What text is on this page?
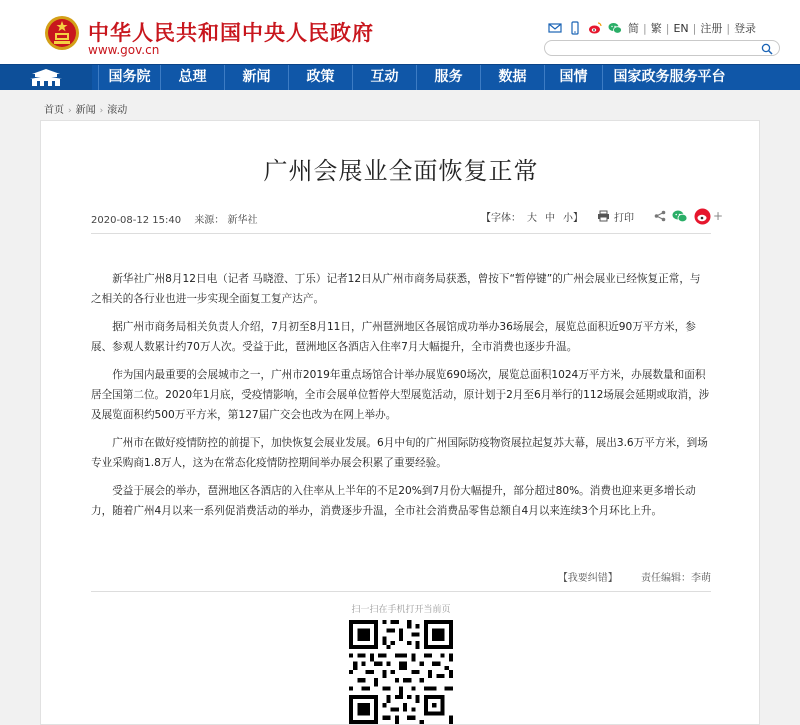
中华人民共和国中央人民政府
www.gov.cn
简 | 繁 | EN | 注册 | 登录
国务院	总理	新闻	政策	互动	服务	数据	国情	国家政务服务平台
首页 › 新闻 › 滚动
广州会展业全面恢复正常
2020-08-12 15:40 来源： 新华社	【字体： 大 中 小】	打印	+

新华社广州8月12日电（记者 马晓澄、丁乐）记者12日从广州市商务局获悉，曾按下“暂停键”的广州会展业已经恢复正常，与之相关的各行业也进一步实现全面复工复产达产。

据广州市商务局相关负责人介绍，7月初至8月11日，广州琶洲地区各展馆成功举办36场展会，展览总面积近90万平方米，参展、参观人数累计约70万人次。受益于此，琶洲地区各酒店入住率7月大幅提升，全市消费也逐步升温。

作为国内最重要的会展城市之一，广州市2019年重点场馆合计举办展览690场次，展览总面积1024万平方米，办展数量和面积居全国第二位。2020年1月底，受疫情影响，全市会展单位暂停大型展览活动，原计划于2月至6月举行的112场展会延期或取消，涉及展览面积约500万平方米，第127届广交会也改为在网上举办。

广州市在做好疫情防控的前提下，加快恢复会展业发展。6月中旬的广州国际防疫物资展拉起复苏大幕，展出3.6万平方米，到场专业采购商1.8万人，这为在常态化疫情防控期间举办展会积累了重要经验。

受益于展会的举办，琶洲地区各酒店的入住率从上半年的不足20%到7月份大幅提升，部分超过80%。消费也迎来更多增长动力，随着广州4月以来一系列促消费活动的举办，消费逐步升温，全市社会消费品零售总额自4月以来连续3个月环比上升。

【我要纠错】 责任编辑：李萌
扫一扫在手机打开当前页
